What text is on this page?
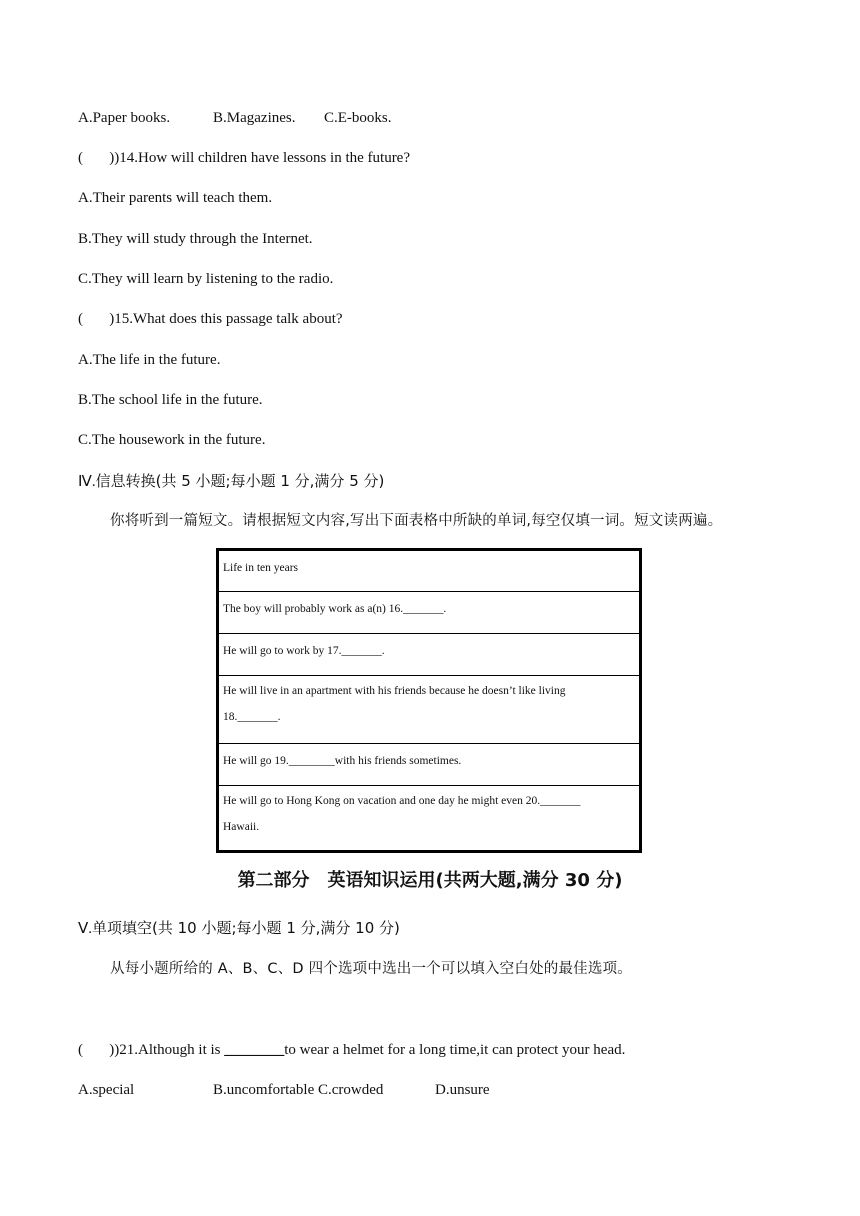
A.Paper books.	B.Magazines. C.E‑books.
(       ))14.How will children have lessons in the future?
A.Their parents will teach them.
B.They will study through the Internet.
C.They will learn by listening to the radio.
(       )15.What does this passage talk about?
A.The life in the future.
B.The school life in the future.
C.The housework in the future.
Ⅳ.信息转换(共 5 小题;每小题 1 分,满分 5 分)
你将听到一篇短文。请根据短文内容,写出下面表格中所缺的单词,每空仅填一词。短文读两遍。
Life in ten years
The boy will probably work as a(n) 16._______.
He will go to work by 17._______.

He will live in an apartment with his friends because he doesn’t like living
18._______.

He will go 19.________with his friends sometimes.

He will go to Hong Kong on vacation and one day he might even 20._______
Hawaii.
第二部分　英语知识运用(共两大题,满分 30 分)
Ⅴ.单项填空(共 10 小题;每小题 1 分,满分 10 分)
从每小题所给的 A、B、C、D 四个选项中选出一个可以填入空白处的最佳选项。
(       ))21.Although it is ________to wear a helmet for a long time,it can protect your head.
A.special	B.uncomfortable C.crowded	D.unsure
